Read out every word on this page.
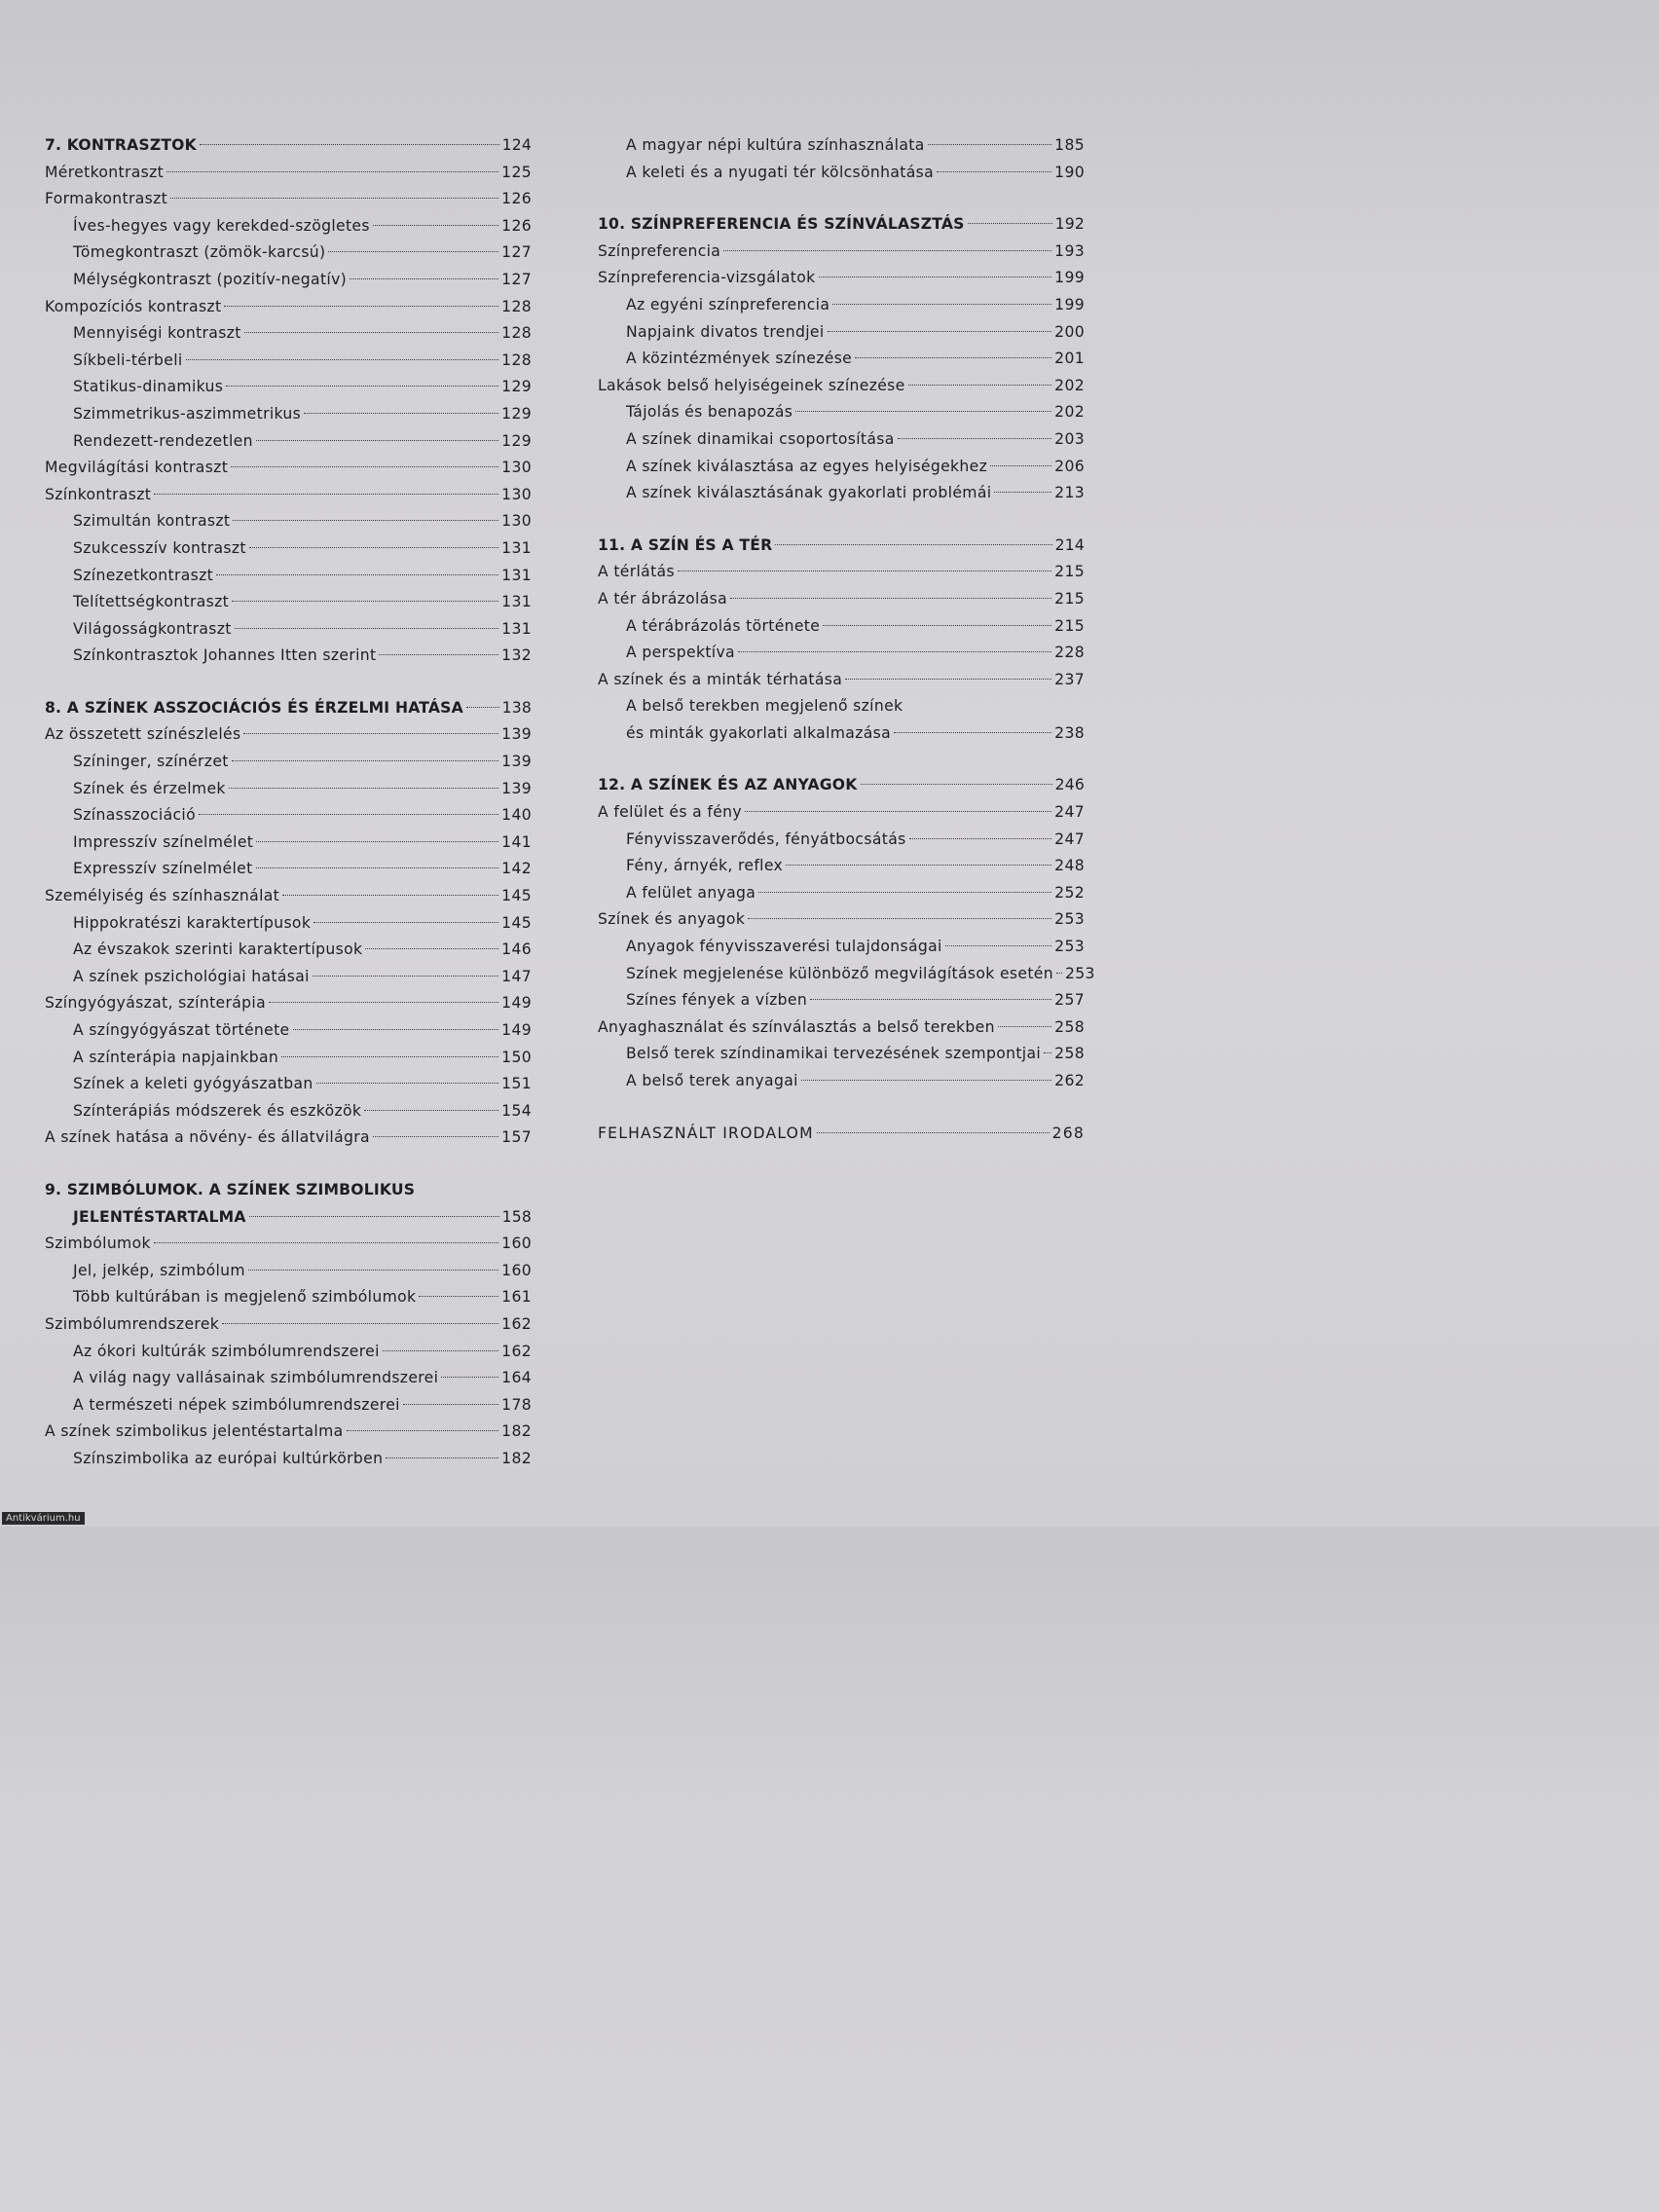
7. KONTRASZTOK	124
Méretkontraszt	125
Formakontraszt	126
Íves-hegyes vagy kerekded-szögletes	126
Tömegkontraszt (zömök-karcsú)	127
Mélységkontraszt (pozitív-negatív)	127
Kompozíciós kontraszt	128
Mennyiségi kontraszt	128
Síkbeli-térbeli	128
Statikus-dinamikus	129
Szimmetrikus-aszimmetrikus	129
Rendezett-rendezetlen	129
Megvilágítási kontraszt	130
Színkontraszt	130
Szimultán kontraszt	130
Szukcesszív kontraszt	131
Színezetkontraszt	131
Telítettségkontraszt	131
Világosságkontraszt	131
Színkontrasztok Johannes Itten szerint	132
8. A SZÍNEK ASSZOCIÁCIÓS ÉS ÉRZELMI HATÁSA	138
Az összetett színészlelés	139
Színinger, színérzet	139
Színek és érzelmek	139
Színasszociáció	140
Impresszív színelmélet	141
Expresszív színelmélet	142
Személyiség és színhasználat	145
Hippokratészi karaktertípusok	145
Az évszakok szerinti karaktertípusok	146
A színek pszichológiai hatásai	147
Színgyógyászat, színterápia	149
A színgyógyászat története	149
A színterápia napjainkban	150
Színek a keleti gyógyászatban	151
Színterápiás módszerek és eszközök	154
A színek hatása a növény- és állatvilágra	157
9. SZIMBÓLUMOK. A SZÍNEK SZIMBOLIKUS
JELENTÉSTARTALMA	158
Szimbólumok	160
Jel, jelkép, szimbólum	160
Több kultúrában is megjelenő szimbólumok	161
Szimbólumrendszerek	162
Az ókori kultúrák szimbólumrendszerei	162
A világ nagy vallásainak szimbólumrendszerei	164
A természeti népek szimbólumrendszerei	178
A színek szimbolikus jelentéstartalma	182
Színszimbolika az európai kultúrkörben	182
A magyar népi kultúra színhasználata	185
A keleti és a nyugati tér kölcsönhatása	190
10. SZÍNPREFERENCIA ÉS SZÍNVÁLASZTÁS	192
Színpreferencia	193
Színpreferencia-vizsgálatok	199
Az egyéni színpreferencia	199
Napjaink divatos trendjei	200
A közintézmények színezése	201
Lakások belső helyiségeinek színezése	202
Tájolás és benapozás	202
A színek dinamikai csoportosítása	203
A színek kiválasztása az egyes helyiségekhez	206
A színek kiválasztásának gyakorlati problémái	213
11. A SZÍN ÉS A TÉR	214
A térlátás	215
A tér ábrázolása	215
A térábrázolás története	215
A perspektíva	228
A színek és a minták térhatása	237
A belső terekben megjelenő színek
és minták gyakorlati alkalmazása	238
12. A SZÍNEK ÉS AZ ANYAGOK	246
A felület és a fény	247
Fényvisszaverődés, fényátbocsátás	247
Fény, árnyék, reflex	248
A felület anyaga	252
Színek és anyagok	253
Anyagok fényvisszaverési tulajdonságai	253
Színek megjelenése különböző megvilágítások esetén 253
Színes fények a vízben	257
Anyaghasználat és színválasztás a belső terekben	258
Belső terek színdinamikai tervezésének szempontjai 258
A belső terek anyagai	262
FELHASZNÁLT IRODALOM	268
Antikvárium.hu
